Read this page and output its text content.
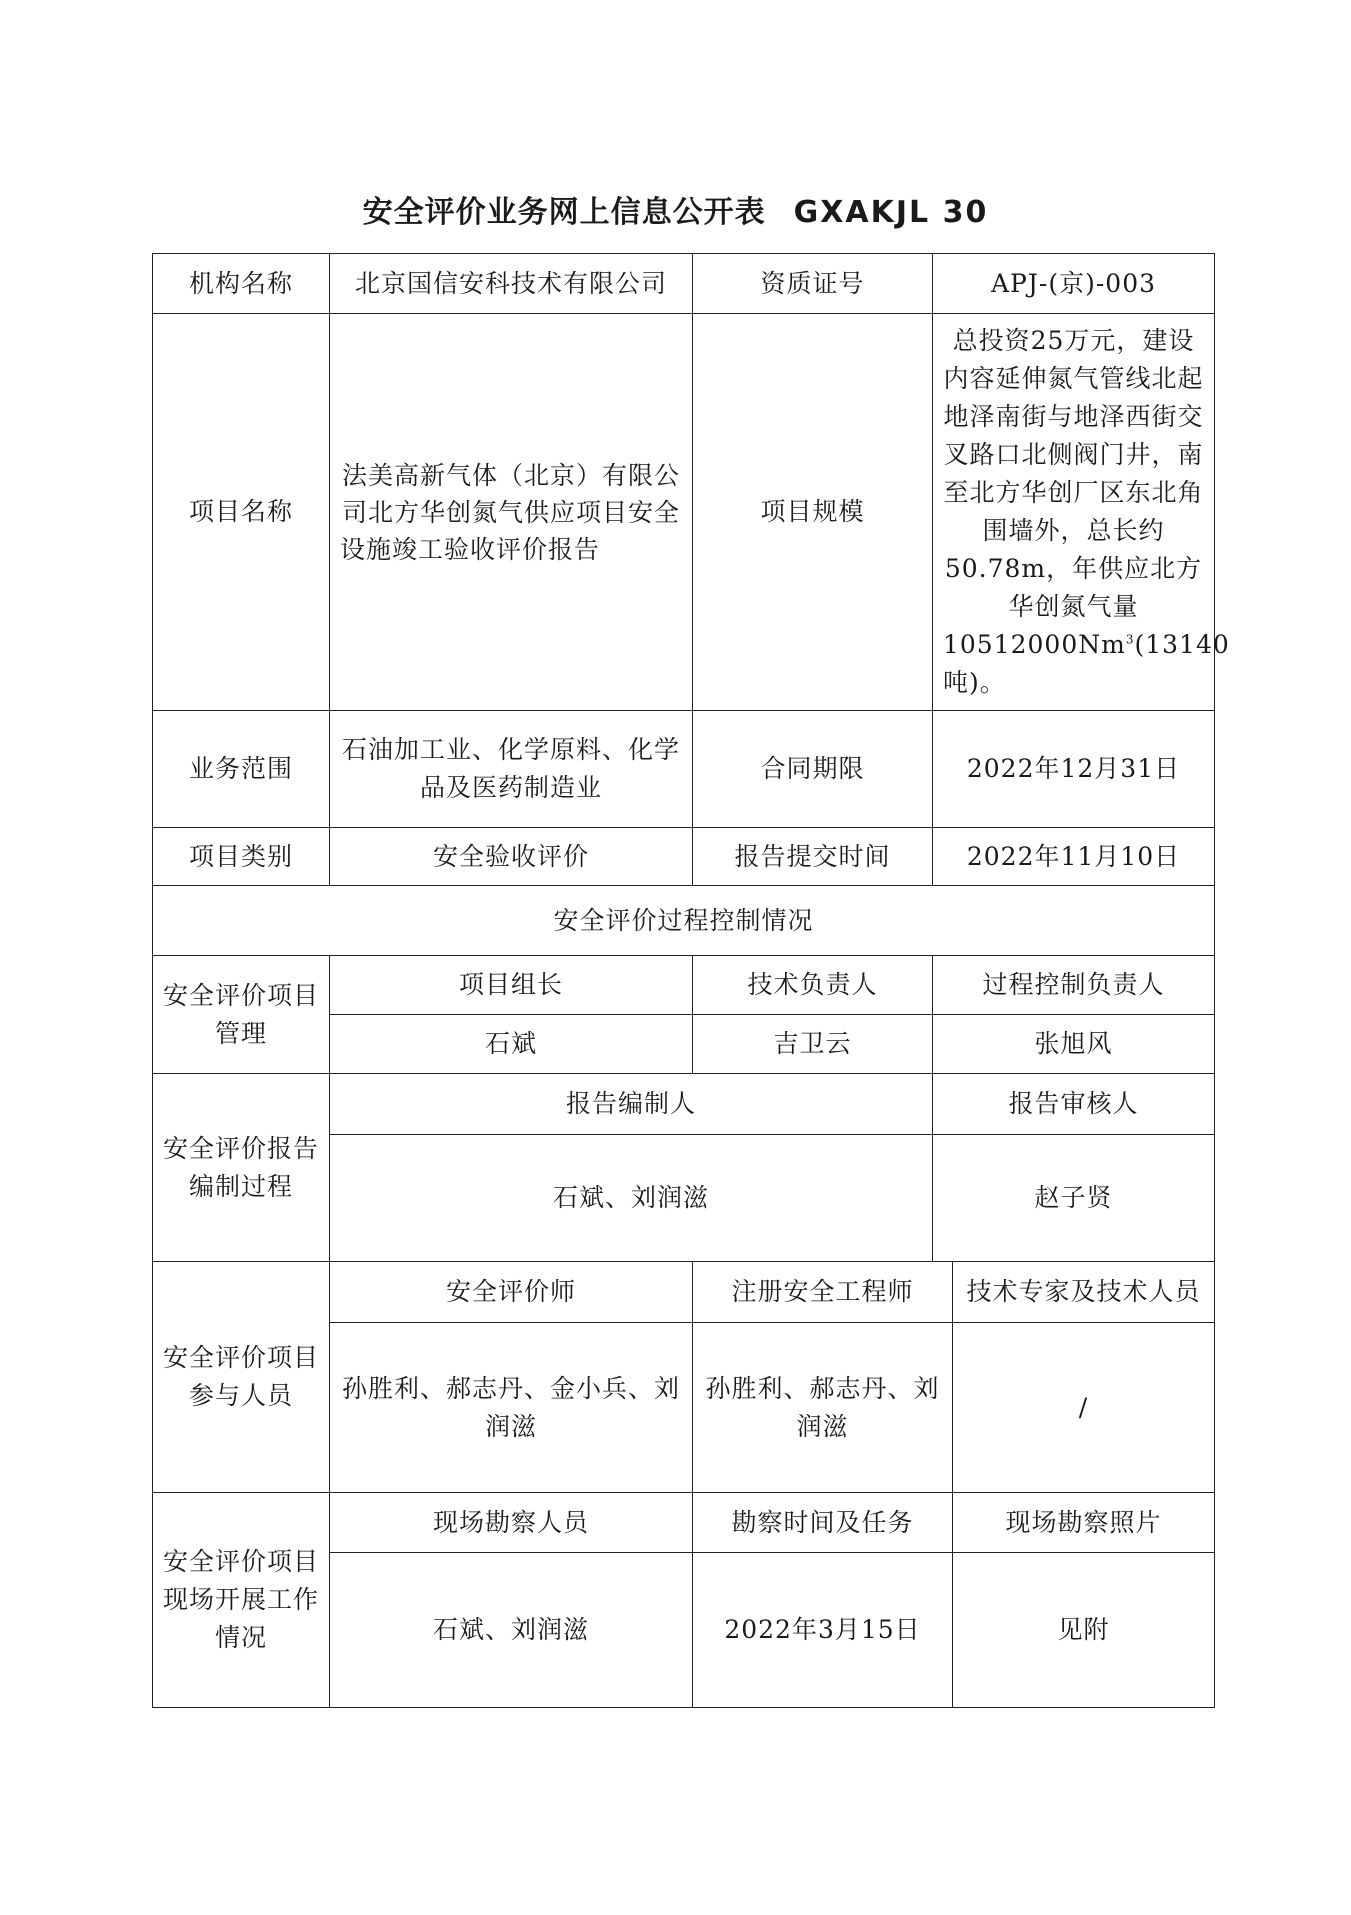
安全评价业务网上信息公开表 GXAKJL 30
机构名称	北京国信安科技术有限公司	资质证号	APJ-(京)-003	
项目名称	法美高新气体（北京）有限公司北方华创氮气供应项目安全设施竣工验收评价报告	项目规模	总投资25万元，建设内容延伸氮气管线北起地泽南街与地泽西街交叉路口北侧阀门井，南至北方华创厂区东北角围墙外，总长约50.78m，年供应北方华创氮气量10512000Nm$^3$(13140吨)。	
业务范围	石油加工业、化学原料、化学品及医药制造业	合同期限	2022年12月31日	
项目类别	安全验收评价	报告提交时间	2022年11月10日	
安全评价过程控制情况				
安全评价项目管理	项目组长	技术负责人	过程控制负责人	
	石斌	吉卫云	张旭风	
安全评价报告编制过程	报告编制人		报告审核人	
	石斌、刘润滋		赵子贤	
安全评价项目参与人员	安全评价师	注册安全工程师		技术专家及技术人员
	孙胜利、郝志丹、金小兵、刘润滋	孙胜利、郝志丹、刘润滋		/
安全评价项目现场开展工作情况	现场勘察人员	勘察时间及任务		现场勘察照片
	石斌、刘润滋	2022年3月15日		见附
